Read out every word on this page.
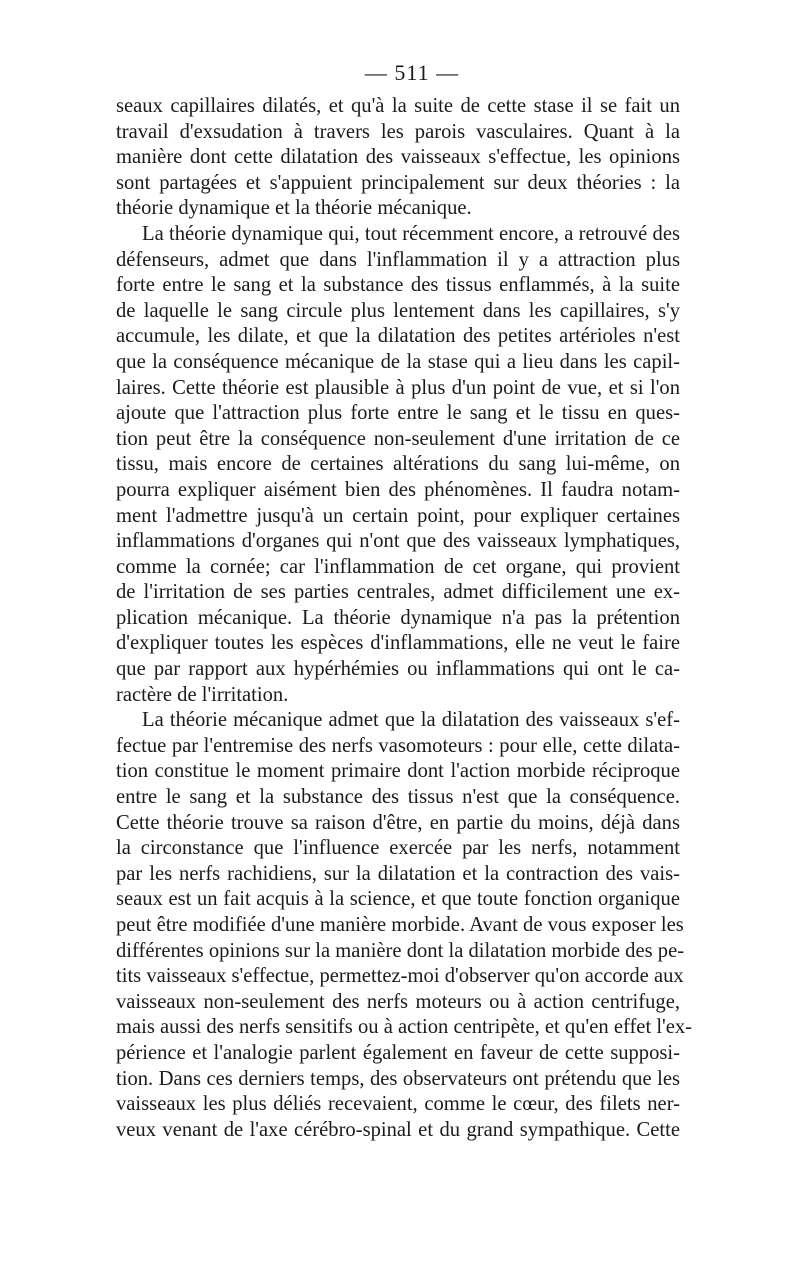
— 511 —

seaux capillaires dilatés, et qu'à la suite de cette stase il se fait un
travail d'exsudation à travers les parois vasculaires. Quant à la
manière dont cette dilatation des vaisseaux s'effectue, les opinions
sont partagées et s'appuient principalement sur deux théories : la
théorie dynamique et la théorie mécanique.

La théorie dynamique qui, tout récemment encore, a retrouvé des
défenseurs, admet que dans l'inflammation il y a attraction plus
forte entre le sang et la substance des tissus enflammés, à la suite
de laquelle le sang circule plus lentement dans les capillaires, s'y
accumule, les dilate, et que la dilatation des petites artérioles n'est
que la conséquence mécanique de la stase qui a lieu dans les capil-
laires. Cette théorie est plausible à plus d'un point de vue, et si l'on
ajoute que l'attraction plus forte entre le sang et le tissu en ques-
tion peut être la conséquence non-seulement d'une irritation de ce
tissu, mais encore de certaines altérations du sang lui-même, on
pourra expliquer aisément bien des phénomènes. Il faudra notam-
ment l'admettre jusqu'à un certain point, pour expliquer certaines
inflammations d'organes qui n'ont que des vaisseaux lymphatiques,
comme la cornée; car l'inflammation de cet organe, qui provient
de l'irritation de ses parties centrales, admet difficilement une ex-
plication mécanique. La théorie dynamique n'a pas la prétention
d'expliquer toutes les espèces d'inflammations, elle ne veut le faire
que par rapport aux hypérhémies ou inflammations qui ont le ca-
ractère de l'irritation.

La théorie mécanique admet que la dilatation des vaisseaux s'ef-
fectue par l'entremise des nerfs vasomoteurs : pour elle, cette dilata-
tion constitue le moment primaire dont l'action morbide réciproque
entre le sang et la substance des tissus n'est que la conséquence.
Cette théorie trouve sa raison d'être, en partie du moins, déjà dans
la circonstance que l'influence exercée par les nerfs, notamment
par les nerfs rachidiens, sur la dilatation et la contraction des vais-
seaux est un fait acquis à la science, et que toute fonction organique
peut être modifiée d'une manière morbide. Avant de vous exposer les
différentes opinions sur la manière dont la dilatation morbide des pe-
tits vaisseaux s'effectue, permettez-moi d'observer qu'on accorde aux
vaisseaux non-seulement des nerfs moteurs ou à action centrifuge,
mais aussi des nerfs sensitifs ou à action centripète, et qu'en effet l'ex-
périence et l'analogie parlent également en faveur de cette supposi-
tion. Dans ces derniers temps, des observateurs ont prétendu que les
vaisseaux les plus déliés recevaient, comme le cœur, des filets ner-
veux venant de l'axe cérébro-spinal et du grand sympathique. Cette
